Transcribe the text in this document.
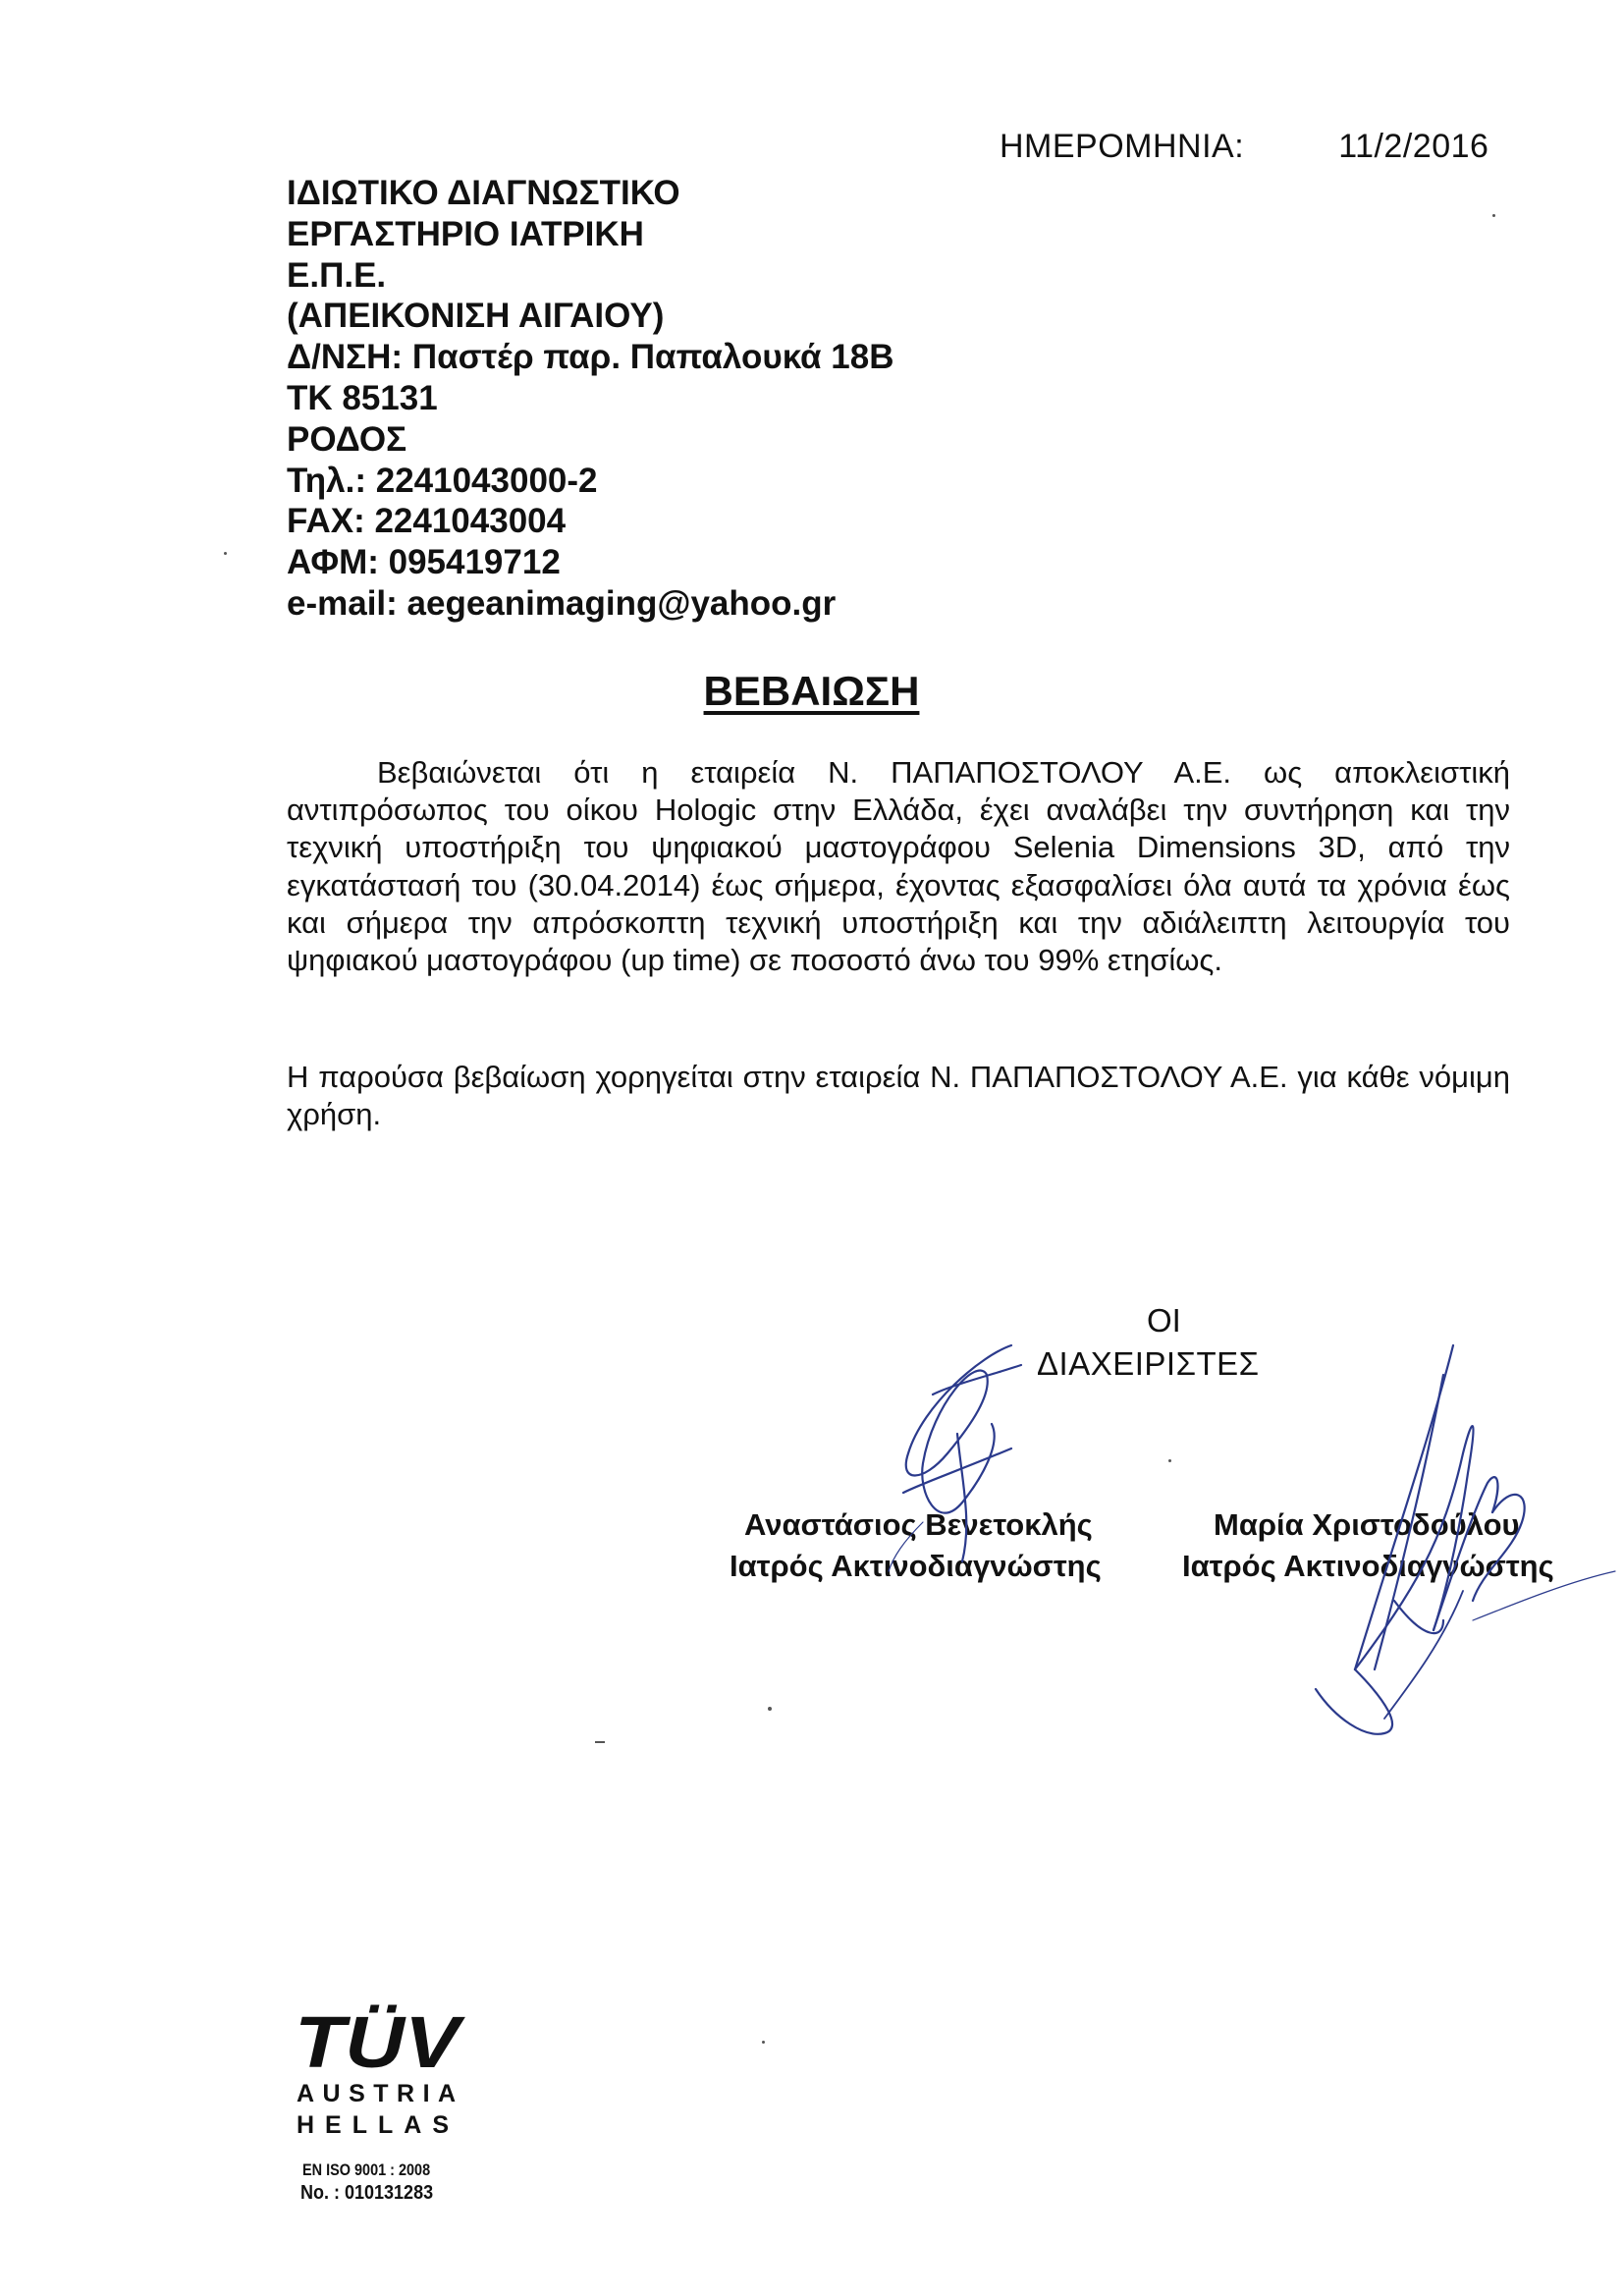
ΗΜΕΡΟΜΗΝΙΑ:	11/2/2016
ΙΔΙΩΤΙΚΟ ΔΙΑΓΝΩΣΤΙΚΟ
ΕΡΓΑΣΤΗΡΙΟ ΙΑΤΡΙΚΗ
Ε.Π.Ε.
(ΑΠΕΙΚΟΝΙΣΗ ΑΙΓΑΙΟΥ)
Δ/ΝΣΗ: Παστέρ παρ. Παπαλουκά 18Β
ΤΚ 85131
ΡΟΔΟΣ
Τηλ.: 2241043000-2
FAX: 2241043004
ΑΦΜ: 095419712
e-mail: aegeanimaging@yahoo.gr
ΒΕΒΑΙΩΣΗ
Βεβαιώνεται ότι η εταιρεία Ν. ΠΑΠΑΠΟΣΤΟΛΟΥ Α.Ε. ως αποκλειστική αντιπρόσωπος του οίκου Hologic στην Ελλάδα, έχει αναλάβει την συντήρηση και την τεχνική υποστήριξη του ψηφιακού μαστογράφου Selenia Dimensions 3D, από την εγκατάστασή του (30.04.2014) έως σήμερα, έχοντας εξασφαλίσει όλα αυτά τα χρόνια έως και σήμερα την απρόσκοπτη τεχνική υποστήριξη και την αδιάλειπτη λειτουργία του ψηφιακού μαστογράφου (up time) σε ποσοστό άνω του 99% ετησίως.
Η παρούσα βεβαίωση χορηγείται στην εταιρεία Ν. ΠΑΠΑΠΟΣΤΟΛΟΥ Α.Ε. για κάθε νόμιμη χρήση.
ΟΙ
ΔΙΑΧΕΙΡΙΣΤΕΣ
Αναστάσιος Βενετοκλής
Ιατρός Ακτινοδιαγνώστης
Μαρία Χριστοδούλου
Ιατρός Ακτινοδιαγνώστης
TÜV
AUSTRIA
HELLAS
EN ISO 9001 : 2008
No. : 010131283
